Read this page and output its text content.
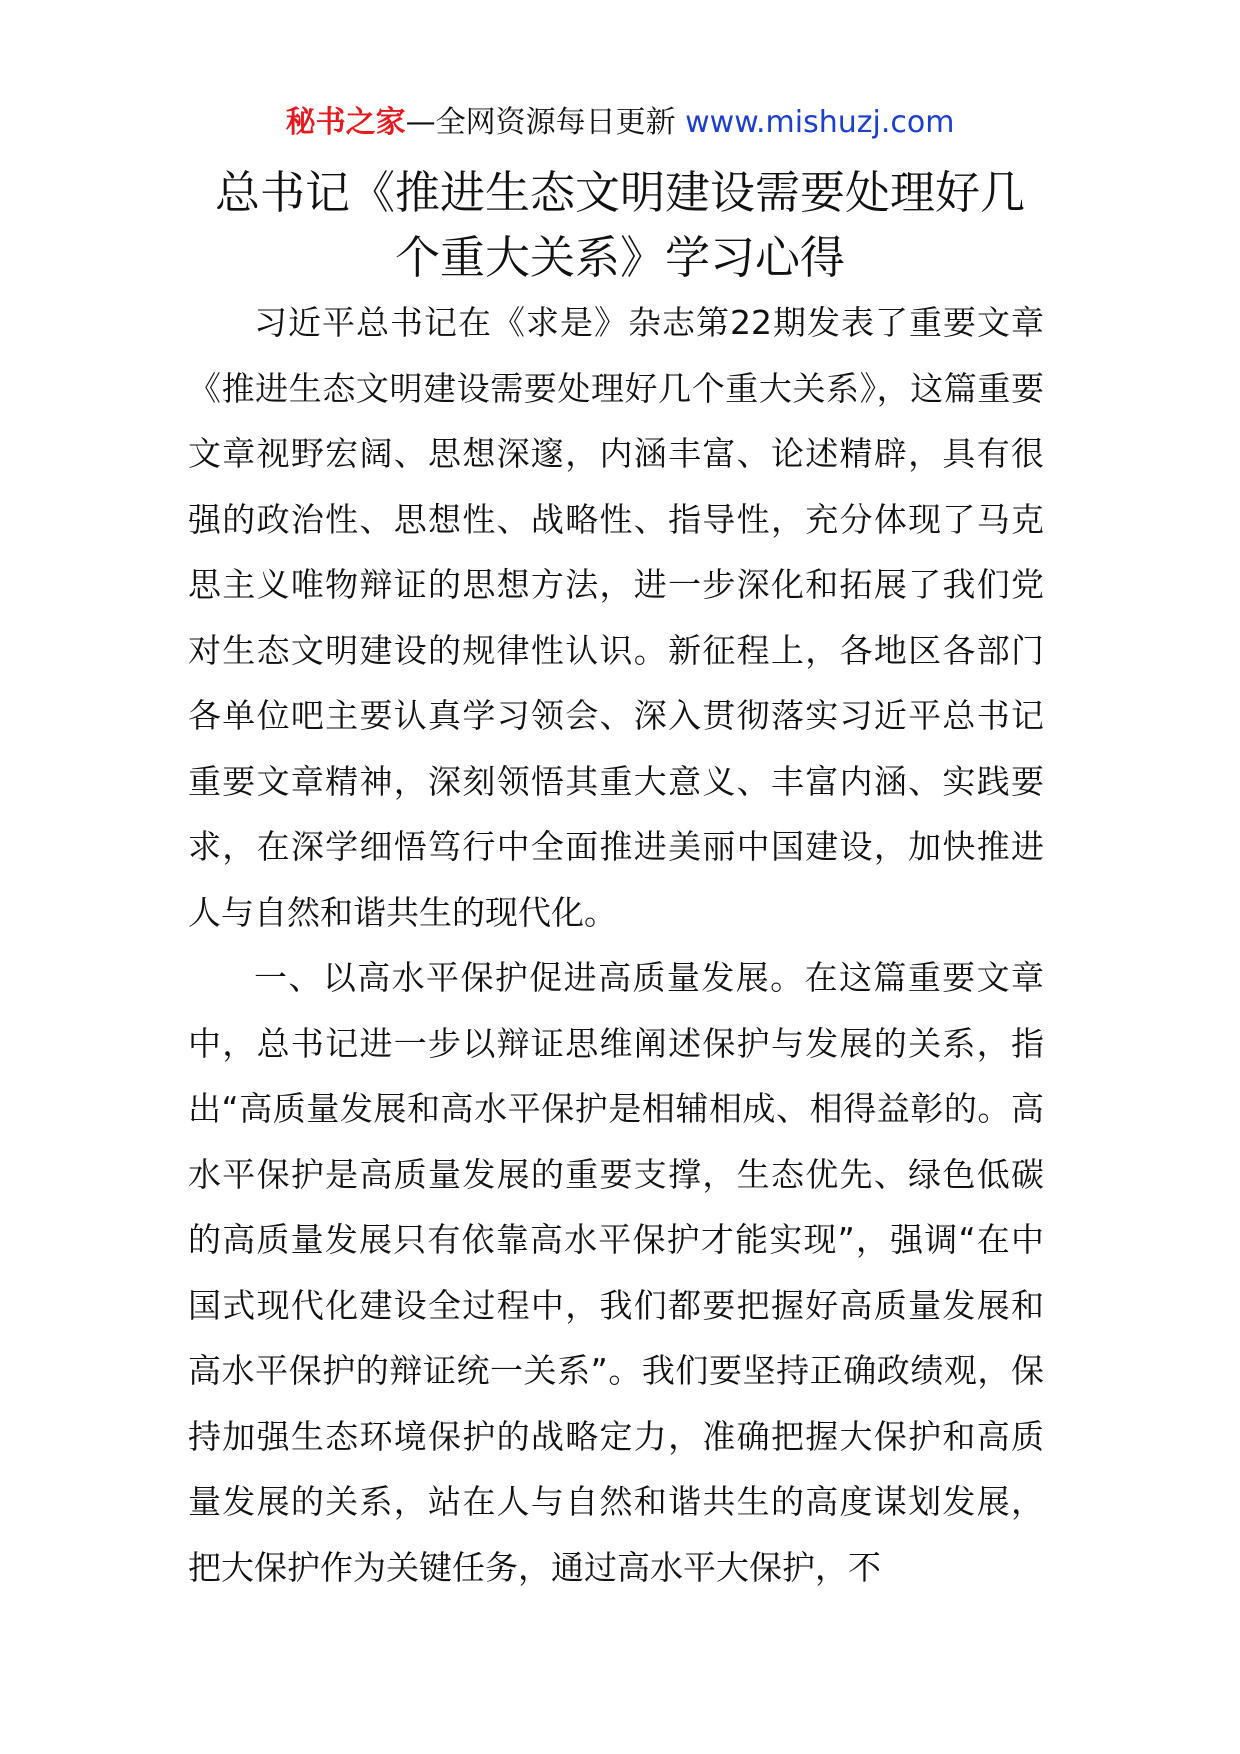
秘书之家—全网资源每日更新 www.mishuzj.com
总书记《推进生态文明建设需要处理好几
个重大关系》学习心得

习近平总书记在《求是》杂志第22期发表了重要文章《推进生态文明建设需要处理好几个重大关系》，这篇重要文章视野宏阔、思想深邃，内涵丰富、论述精辟，具有很强的政治性、思想性、战略性、指导性，充分体现了马克思主义唯物辩证的思想方法，进一步深化和拓展了我们党对生态文明建设的规律性认识。新征程上，各地区各部门各单位吧主要认真学习领会、深入贯彻落实习近平总书记重要文章精神，深刻领悟其重大意义、丰富内涵、实践要求，在深学细悟笃行中全面推进美丽中国建设，加快推进人与自然和谐共生的现代化。

一、以高水平保护促进高质量发展。在这篇重要文章中，总书记进一步以辩证思维阐述保护与发展的关系，指出“高质量发展和高水平保护是相辅相成、相得益彰的。高水平保护是高质量发展的重要支撑，生态优先、绿色低碳的高质量发展只有依靠高水平保护才能实现”，强调“在中国式现代化建设全过程中，我们都要把握好高质量发展和高水平保护的辩证统一关系”。我们要坚持正确政绩观，保持加强生态环境保护的战略定力，准确把握大保护和高质量发展的关系，站在人与自然和谐共生的高度谋划发展，把大保护作为关键任务，通过高水平大保护，不
